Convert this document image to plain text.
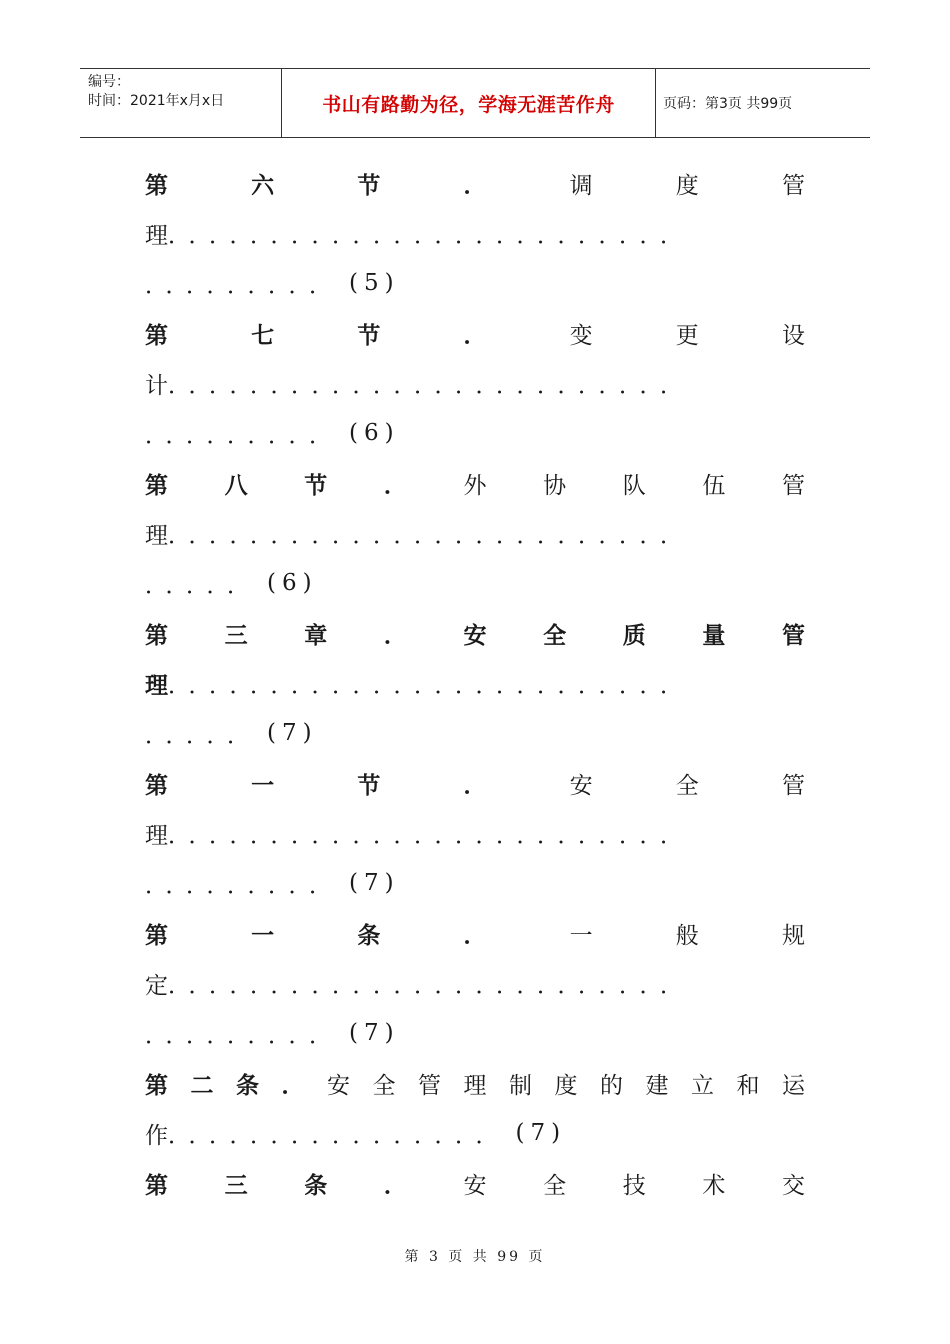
编号：
时间：2021年x月x日	书山有路勤为径，学海无涯苦作舟	页码：第3页 共99页
第	六	节	．	调	度	管
理 ．．．．．．．．．．．．．．．．．．．．．．．．．
．．．．．．．．． (5)
第	七	节	．	变	更	设
计 ．．．．．．．．．．．．．．．．．．．．．．．．．
．．．．．．．．． (6)
第 八 节 ． 外 协 队 伍 管
理 ．．．．．．．．．．．．．．．．．．．．．．．．．
．．．．． (6)
第 三 章 ． 安 全 质 量 管
理 ．．．．．．．．．．．．．．．．．．．．．．．．．
．．．．． (7)
第	一	节	．	安	全	管
理 ．．．．．．．．．．．．．．．．．．．．．．．．．
．．．．．．．．． (7)
第	一	条	．	一	般	规
定 ．．．．．．．．．．．．．．．．．．．．．．．．．
．．．．．．．．． (7)
第 二 条 ． 安 全 管 理 制 度 的 建 立 和 运
作 ．．．．．．．．．．．．．．．． (7)
第 三 条 ． 安 全 技 术 交
第 3 页 共 99 页
